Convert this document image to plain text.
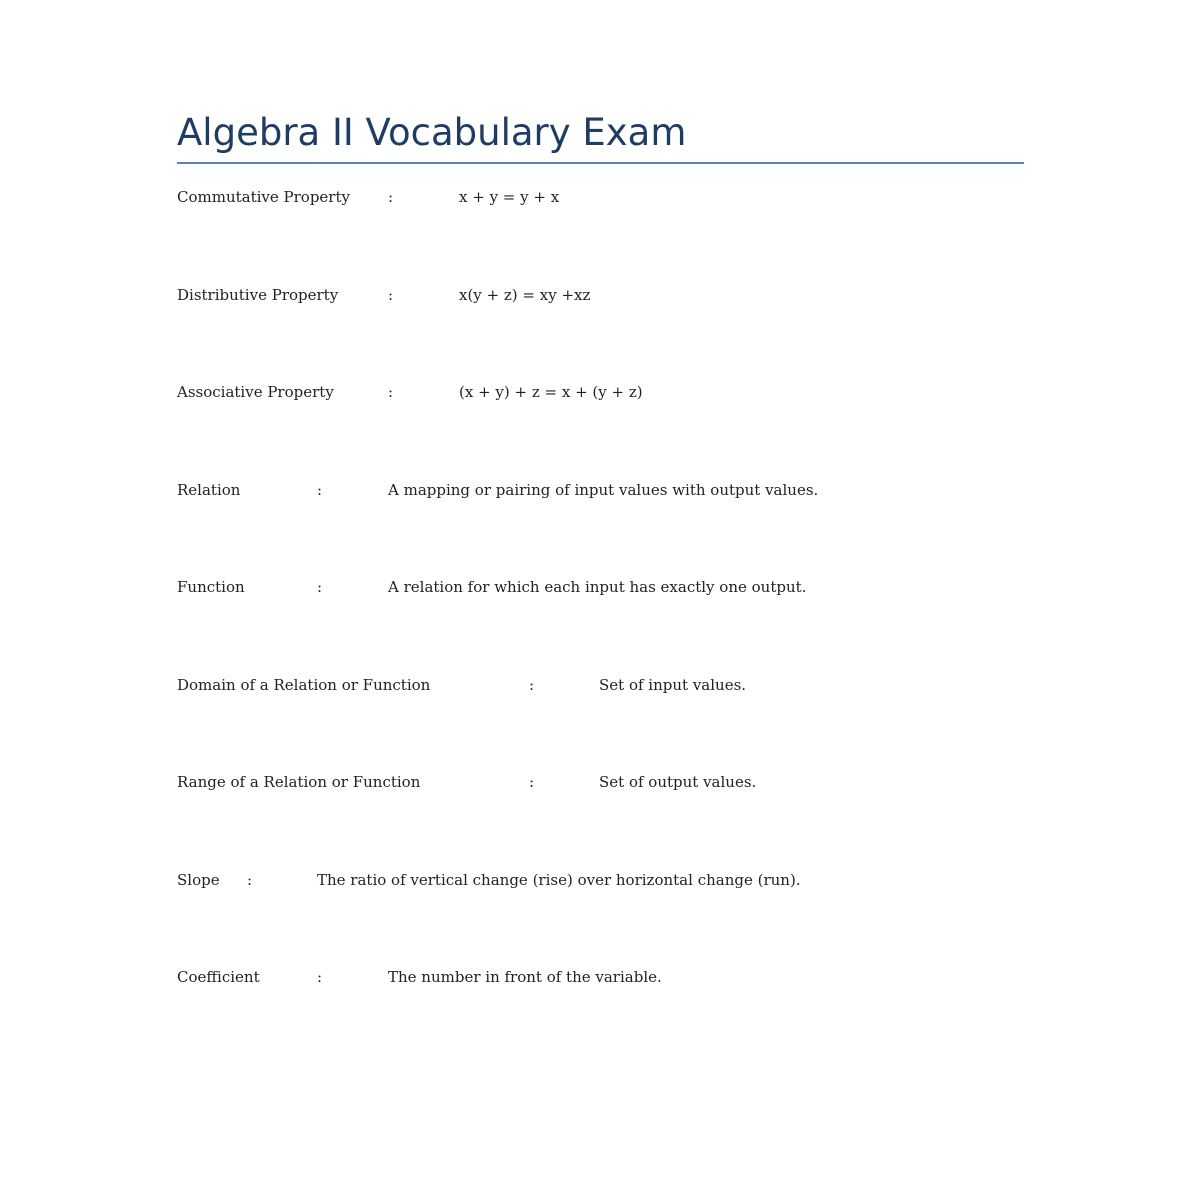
Algebra II Vocabulary Exam
Commutative Property	:	x + y = y + x
Distributive Property	:	x(y + z) = xy +xz
Associative Property	:	(x + y) + z = x + (y + z)
Relation	:	A mapping or pairing of input values with output values.
Function	:	A relation for which each input has exactly one output.
Domain of a Relation or Function	:	Set of input values.
Range of a Relation or Function	:	Set of output values.
Slope :	The ratio of vertical change (rise) over horizontal change (run).
Coefficient	:	The number in front of the variable.
